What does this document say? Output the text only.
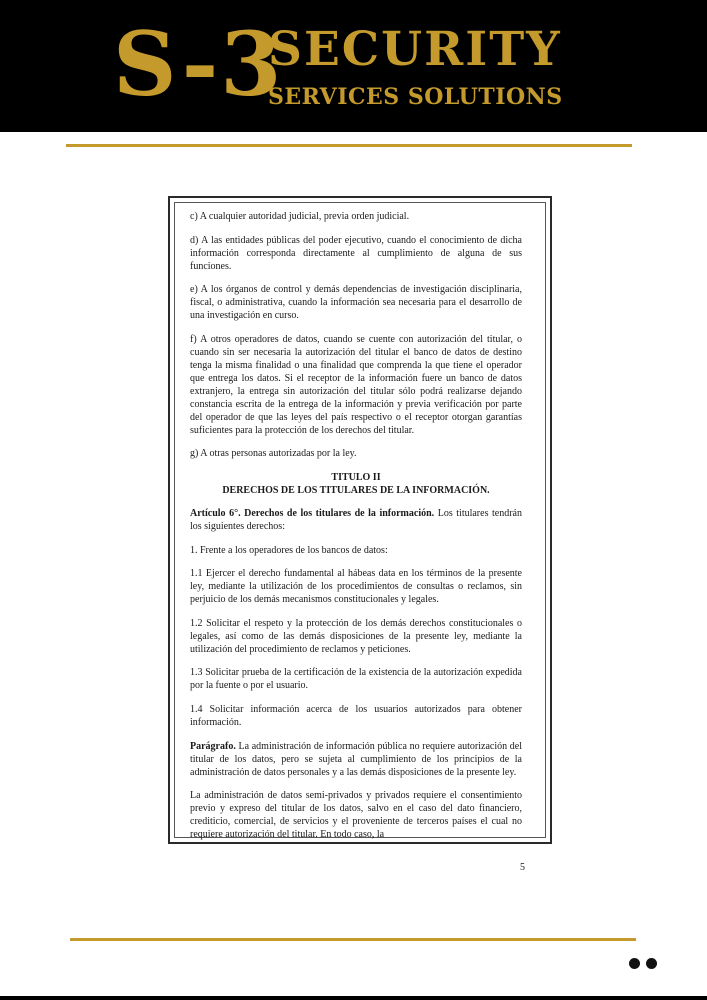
S-3
SECURITY
SERVICES SOLUTIONS

c) A cualquier autoridad judicial, previa orden judicial.

d) A las entidades públicas del poder ejecutivo, cuando el conocimiento de dicha información corresponda directamente al cumplimiento de alguna de sus funciones.

e) A los órganos de control y demás dependencias de investigación disciplinaria, fiscal, o administrativa, cuando la información sea necesaria para el desarrollo de una investigación en curso.

f) A otros operadores de datos, cuando se cuente con autorización del titular, o cuando sin ser necesaria la autorización del titular el banco de datos de destino tenga la misma finalidad o una finalidad que comprenda la que tiene el operador que entrega los datos. Si el receptor de la información fuere un banco de datos extranjero, la entrega sin autorización del titular sólo podrá realizarse dejando constancia escrita de la entrega de la información y previa verificación por parte del operador de que las leyes del país respectivo o el receptor otorgan garantías suficientes para la protección de los derechos del titular.

g) A otras personas autorizadas por la ley.

TITULO II
DERECHOS DE LOS TITULARES DE LA INFORMACIÓN.

Artículo 6°. Derechos de los titulares de la información. Los titulares tendrán los siguientes derechos:

1. Frente a los operadores de los bancos de datos:

1.1 Ejercer el derecho fundamental al hábeas data en los términos de la presente ley, mediante la utilización de los procedimientos de consultas o reclamos, sin perjuicio de los demás mecanismos constitucionales y legales.

1.2 Solicitar el respeto y la protección de los demás derechos constitucionales o legales, así como de las demás disposiciones de la presente ley, mediante la utilización del procedimiento de reclamos y peticiones.

1.3 Solicitar prueba de la certificación de la existencia de la autorización expedida por la fuente o por el usuario.

1.4 Solicitar información acerca de los usuarios autorizados para obtener información.

Parágrafo. La administración de información pública no requiere autorización del titular de los datos, pero se sujeta al cumplimiento de los principios de la administración de datos personales y a las demás disposiciones de la presente ley.

La administración de datos semi-privados y privados requiere el consentimiento previo y expreso del titular de los datos, salvo en el caso del dato financiero, crediticio, comercial, de servicios y el proveniente de terceros países el cual no requiere autorización del titular. En todo caso, la

5
